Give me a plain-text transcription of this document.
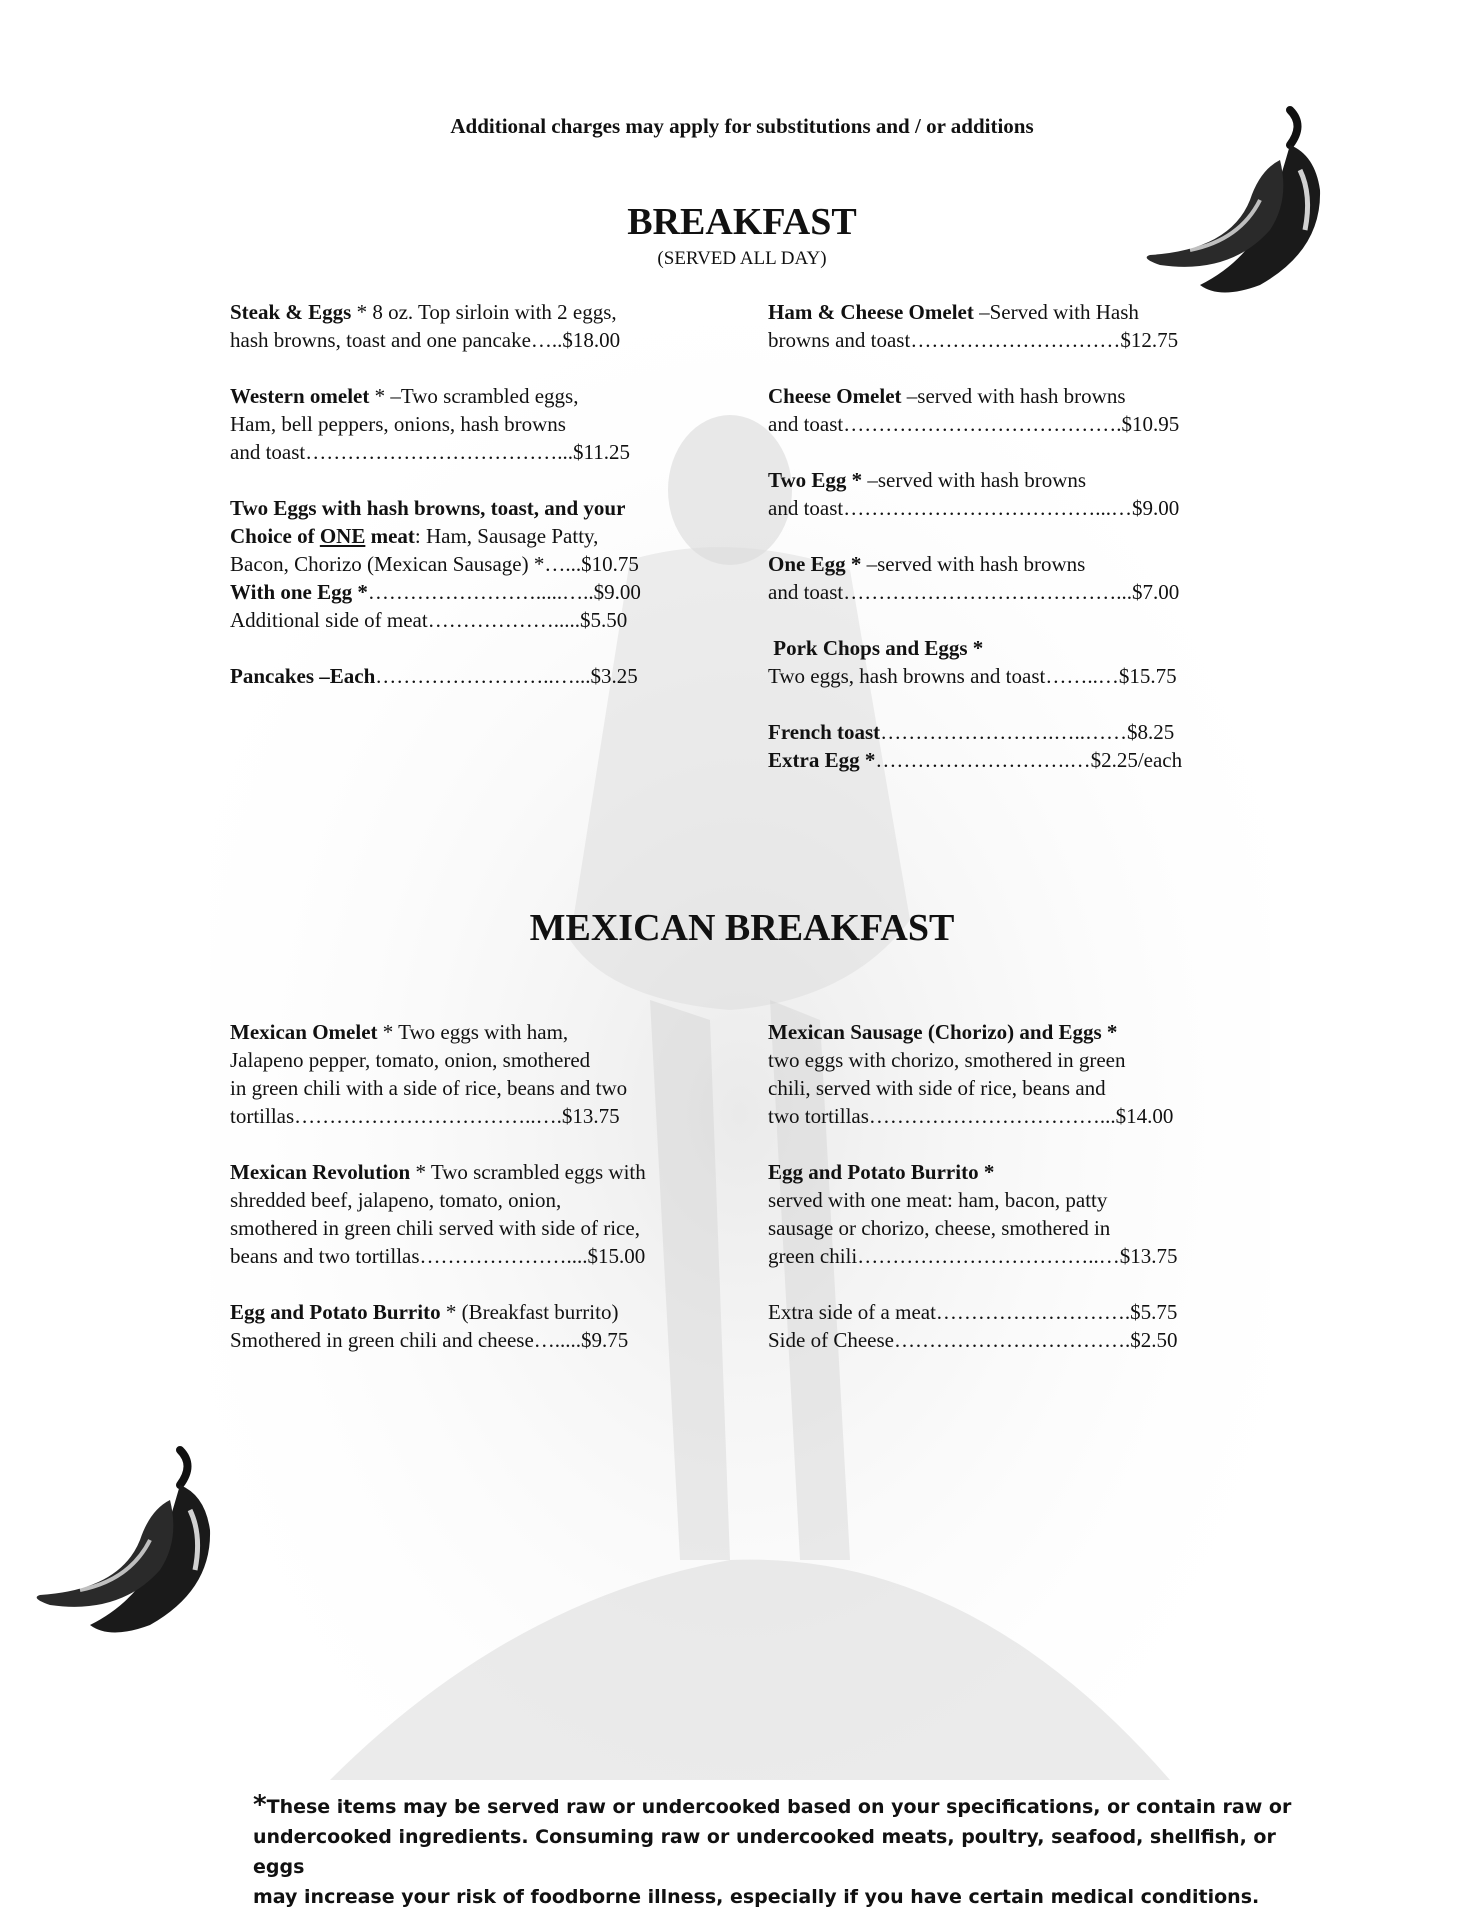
Additional charges may apply for substitutions and / or additions
BREAKFAST
(SERVED ALL DAY)
Steak & Eggs * 8 oz. Top sirloin with 2 eggs,
hash browns, toast and one pancake…..$18.00
Western omelet * –Two scrambled eggs,
Ham, bell peppers, onions, hash browns
and toast………………………………...$11.25
Two Eggs with hash browns, toast, and your
Choice of ONE meat: Ham, Sausage Patty,
Bacon, Chorizo (Mexican Sausage) *…...$10.75
With one Egg *…………………….....…..$9.00
Additional side of meat……………….....$5.50
Pancakes –Each……………………..…...$3.25
Ham & Cheese Omelet –Served with Hash
browns and toast…………………………$12.75
Cheese Omelet –served with hash browns
and toast………………………………….$10.95
Two Egg * –served with hash browns
and toast………………………………...…$9.00
One Egg * –served with hash browns
and toast…………………………………...$7.00
Pork Chops and Eggs *
Two eggs, hash browns and toast……..…$15.75
French toast…………………….…..……$8.25
Extra Egg *……………………….…$2.25/each
MEXICAN BREAKFAST
Mexican Omelet * Two eggs with ham,
Jalapeno pepper, tomato, onion, smothered
in green chili with a side of rice, beans and two
tortillas……………………………..….$13.75
Mexican Revolution * Two scrambled eggs with
shredded beef, jalapeno, tomato, onion,
smothered in green chili served with side of rice,
beans and two tortillas…………………....$15.00
Egg and Potato Burrito * (Breakfast burrito)
Smothered in green chili and cheese….....$9.75
Mexican Sausage (Chorizo) and Eggs *
two eggs with chorizo, smothered in green
chili, served with side of rice, beans and
two tortillas……………………………...$14.00
Egg and Potato Burrito *
served with one meat: ham, bacon, patty
sausage or chorizo, cheese, smothered in
green chili……………………………..…$13.75
Extra side of a meat……………………….$5.75
Side of Cheese…………………………….$2.50
*These items may be served raw or undercooked based on your specifications, or contain raw or
undercooked ingredients. Consuming raw or undercooked meats, poultry, seafood, shellfish, or eggs
may increase your risk of foodborne illness, especially if you have certain medical conditions.
